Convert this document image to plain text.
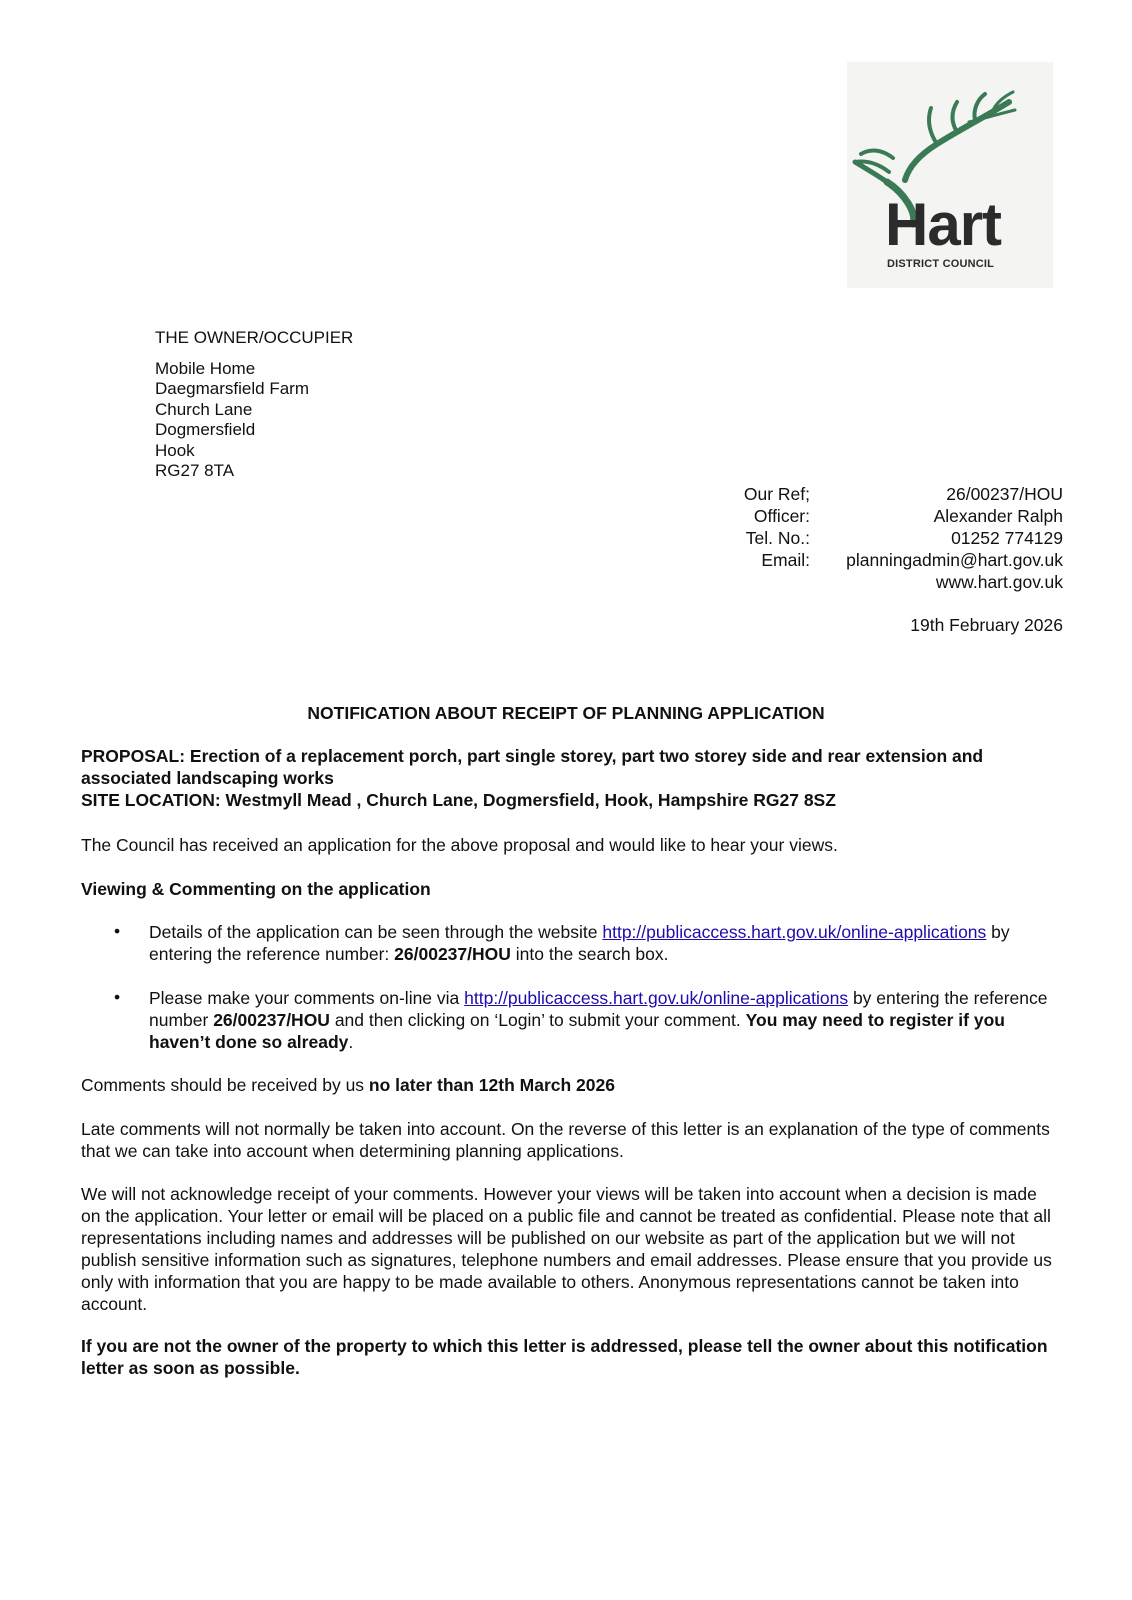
Hart
DISTRICT COUNCIL
THE OWNER/OCCUPIER
Mobile Home
Daegmarsfield Farm
Church Lane
Dogmersfield
Hook
RG27 8TA
Our Ref;
Officer:
Tel. No.:
Email:
26/00237/HOU
Alexander Ralph
01252 774129
planningadmin@hart.gov.uk
www.hart.gov.uk
19th February 2026
NOTIFICATION ABOUT RECEIPT OF PLANNING APPLICATION
PROPOSAL: Erection of a replacement porch, part single storey, part two storey side and rear extension and associated landscaping works
SITE LOCATION: Westmyll Mead , Church Lane, Dogmersfield, Hook, Hampshire RG27 8SZ
The Council has received an application for the above proposal and would like to hear your views.
Viewing & Commenting on the application
• Details of the application can be seen through the website http://publicaccess.hart.gov.uk/online-applications by entering the reference number: 26/00237/HOU into the search box.
• Please make your comments on-line via http://publicaccess.hart.gov.uk/online-applications by entering the reference number 26/00237/HOU and then clicking on ‘Login’ to submit your comment. You may need to register if you haven’t done so already.
Comments should be received by us no later than 12th March 2026
Late comments will not normally be taken into account. On the reverse of this letter is an explanation of the type of comments that we can take into account when determining planning applications.
We will not acknowledge receipt of your comments. However your views will be taken into account when a decision is made on the application. Your letter or email will be placed on a public file and cannot be treated as confidential. Please note that all representations including names and addresses will be published on our website as part of the application but we will not publish sensitive information such as signatures, telephone numbers and email addresses. Please ensure that you provide us only with information that you are happy to be made available to others. Anonymous representations cannot be taken into account.
If you are not the owner of the property to which this letter is addressed, please tell the owner about this notification letter as soon as possible.
